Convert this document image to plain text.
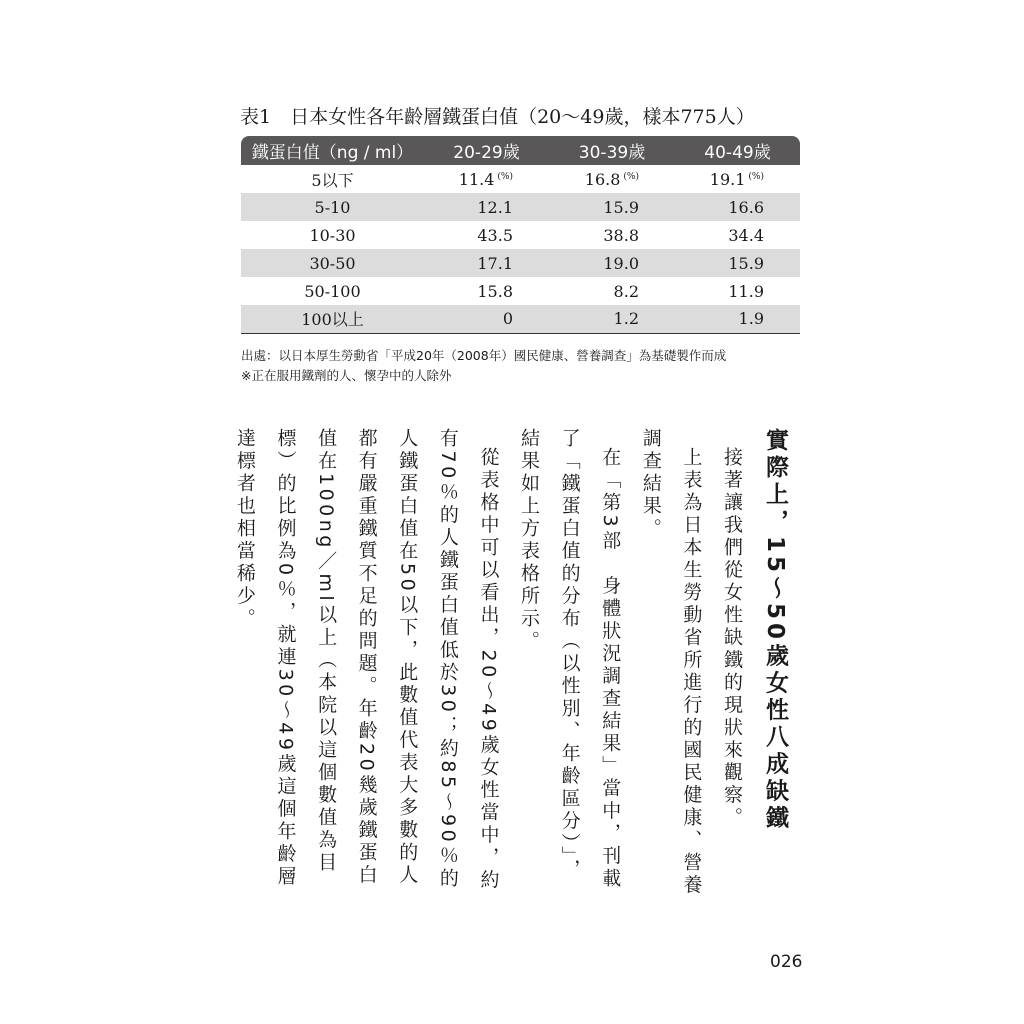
表1　日本女性各年齡層鐵蛋白值（20～49歲，樣本775人）
鐵蛋白值（ng / ml）	20-29歲	30-39歲	40-49歲
5以下	11.4 (%)	16.8 (%)	19.1 (%)
5-10	12.1	15.9	16.6
10-30	43.5	38.8	34.4
30-50	17.1	19.0	15.9
50-100	15.8	8.2	11.9
100以上	0	1.2	1.9
出處：以日本厚生勞動省「平成20年（2008年）國民健康、營養調查」為基礎製作而成
※正在服用鐵劑的人、懷孕中的人除外

實際上，15～50歲女性八成缺鐵

接著讓我們從女性缺鐵的現狀來觀察。

上表為日本生勞動省所進行的國民健康、營養調查結果。

在「第3部　身體狀況調查結果」當中，刊載了「鐵蛋白值的分布（以性別、年齡區分）」，結果如上方表格所示。

從表格中可以看出，20～49歲女性當中，約有70％的人鐵蛋白值低於30；約85～90％的人鐵蛋白值在50以下，此數值代表大多數的人都有嚴重鐵質不足的問題。年齡20幾歲鐵蛋白值在100ng／ml以上（本院以這個數值為目標）的比例為0％，就連30～49歲這個年齡層達標者也相當稀少。

026
